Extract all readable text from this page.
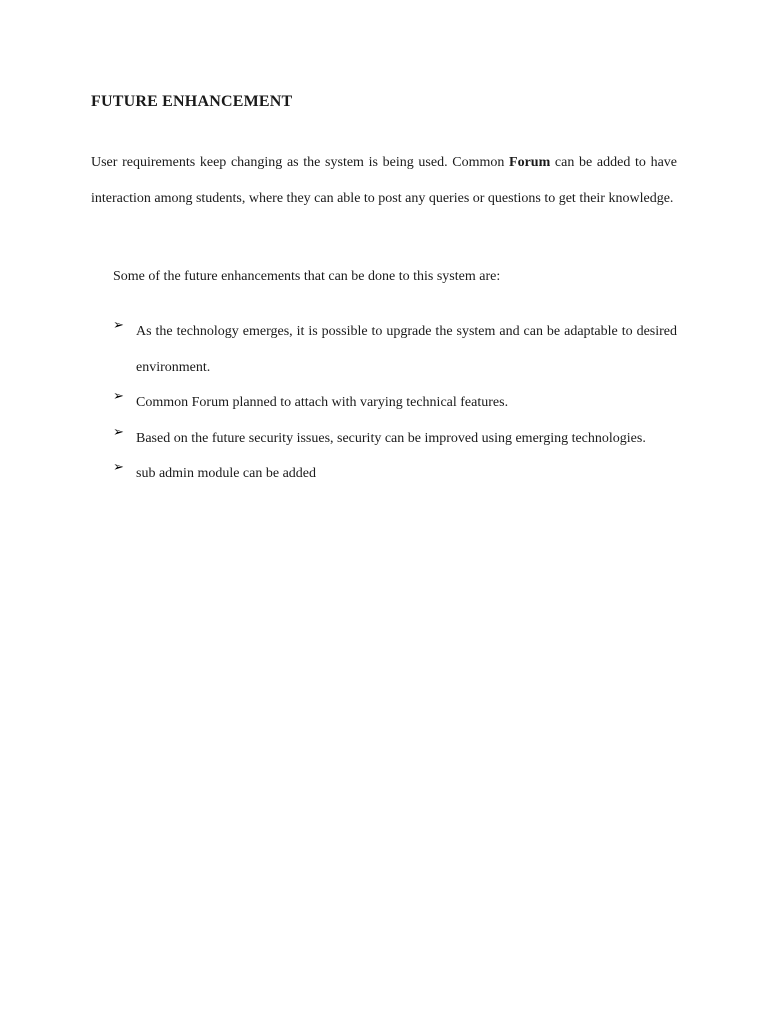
FUTURE ENHANCEMENT

User requirements keep changing as the system is being used. Common Forum can be added to have interaction among students, where they can able to post any queries or questions to get their knowledge.

Some of the future enhancements that can be done to this system are:

➢ As the technology emerges, it is possible to upgrade the system and can be adaptable to desired environment.
➢ Common Forum planned to attach with varying technical features.
➢ Based on the future security issues, security can be improved using emerging technologies.
➢ sub admin module can be added
